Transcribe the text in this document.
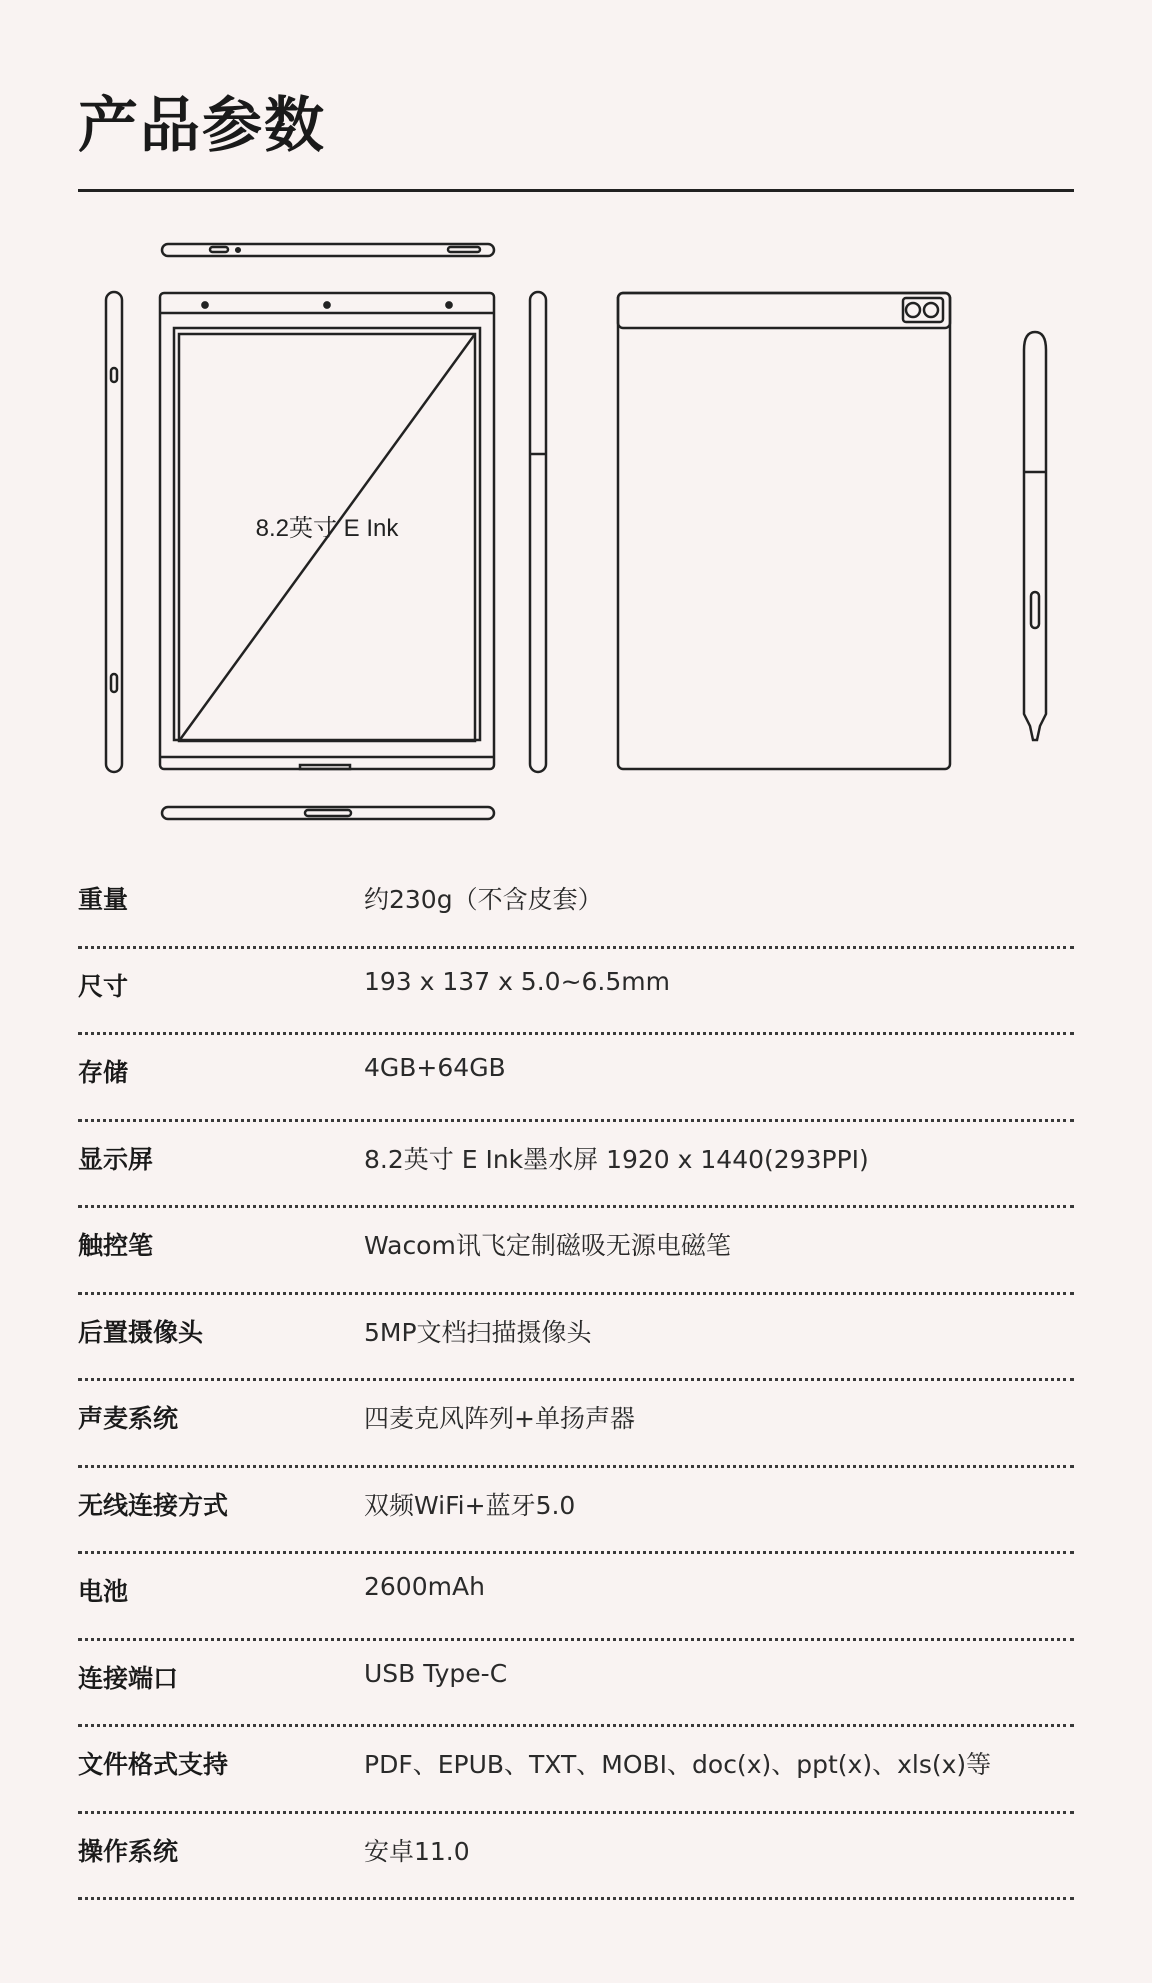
产品参数
8.2英寸 E Ink
重量	约230g（不含皮套）
尺寸	193 x 137 x 5.0~6.5mm
存储	4GB+64GB
显示屏	8.2英寸 E Ink墨水屏 1920 x 1440(293PPI)
触控笔	Wacom讯飞定制磁吸无源电磁笔
后置摄像头	5MP文档扫描摄像头
声麦系统	四麦克风阵列+单扬声器
无线连接方式	双频WiFi+蓝牙5.0
电池	2600mAh
连接端口	USB Type-C
文件格式支持	PDF、EPUB、TXT、MOBI、doc(x)、ppt(x)、xls(x)等
操作系统	安卓11.0
